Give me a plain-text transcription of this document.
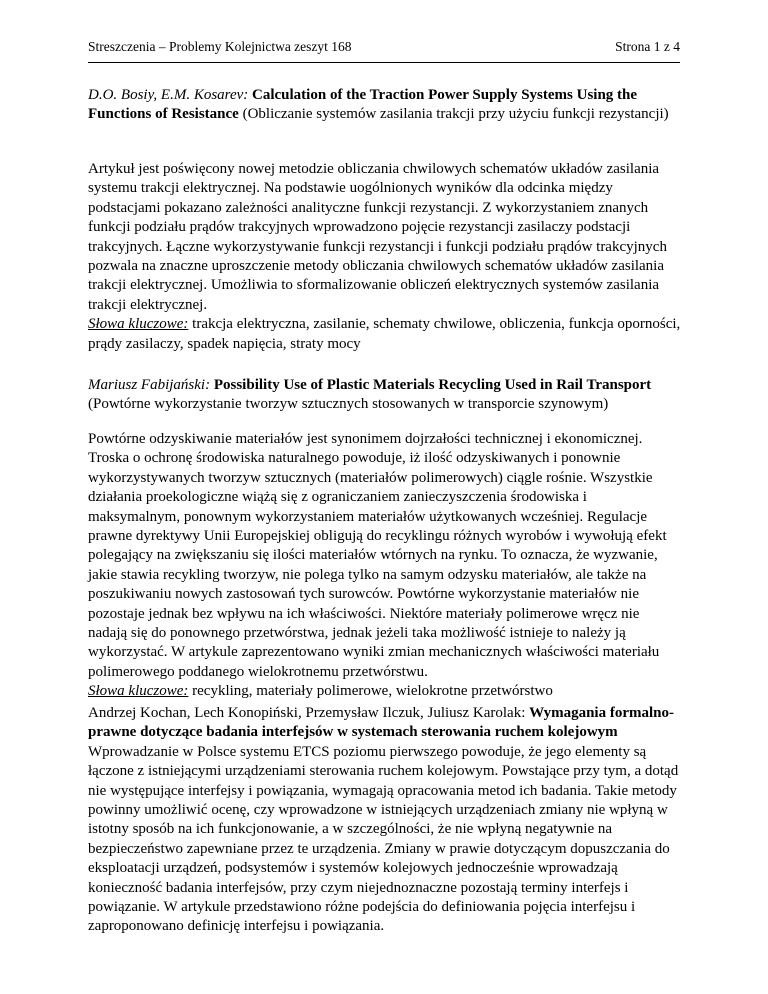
Streszczenia – Problemy Kolejnictwa zeszyt 168	Strona 1 z 4

D.O. Bosiy, E.M. Kosarev: Calculation of the Traction Power Supply Systems Using the Functions of Resistance (Obliczanie systemów zasilania trakcji przy użyciu funkcji rezystancji)

Artykuł jest poświęcony nowej metodzie obliczania chwilowych schematów układów zasilania systemu trakcji elektrycznej. Na podstawie uogólnionych wyników dla odcinka między podstacjami pokazano zależności analityczne funkcji rezystancji. Z wykorzystaniem znanych funkcji podziału prądów trakcyjnych wprowadzono pojęcie rezystancji zasilaczy podstacji trakcyjnych. Łączne wykorzystywanie funkcji rezystancji i funkcji podziału prądów trakcyjnych pozwala na znaczne uproszczenie metody obliczania chwilowych schematów układów zasilania trakcji elektrycznej. Umożliwia to sformalizowanie obliczeń elektrycznych systemów zasilania trakcji elektrycznej.

Słowa kluczowe: trakcja elektryczna, zasilanie, schematy chwilowe, obliczenia, funkcja oporności, prądy zasilaczy, spadek napięcia, straty mocy

Mariusz Fabijański: Possibility Use of Plastic Materials Recycling Used in Rail Transport (Powtórne wykorzystanie tworzyw sztucznych stosowanych w transporcie szynowym)

Powtórne odzyskiwanie materiałów jest synonimem dojrzałości technicznej i ekonomicznej. Troska o ochronę środowiska naturalnego powoduje, iż ilość odzyskiwanych i ponownie wykorzystywanych tworzyw sztucznych (materiałów polimerowych) ciągle rośnie. Wszystkie działania proekologiczne wiążą się z ograniczaniem zanieczyszczenia środowiska i maksymalnym, ponownym wykorzystaniem materiałów użytkowanych wcześniej. Regulacje prawne dyrektywy Unii Europejskiej obligują do recyklingu różnych wyrobów i wywołują efekt polegający na zwiększaniu się ilości materiałów wtórnych na rynku. To oznacza, że wyzwanie, jakie stawia recykling tworzyw, nie polega tylko na samym odzysku materiałów, ale także na poszukiwaniu nowych zastosowań tych surowców. Powtórne wykorzystanie materiałów nie pozostaje jednak bez wpływu na ich właściwości. Niektóre materiały polimerowe wręcz nie nadają się do ponownego przetwórstwa, jednak jeżeli taka możliwość istnieje to należy ją wykorzystać. W artykule zaprezentowano wyniki zmian mechanicznych właściwości materiału polimerowego poddanego wielokrotnemu przetwórstwu.

Słowa kluczowe: recykling, materiały polimerowe, wielokrotne przetwórstwo

Andrzej Kochan, Lech Konopiński, Przemysław Ilczuk, Juliusz Karolak: Wymagania formalno-prawne dotyczące badania interfejsów w systemach sterowania ruchem kolejowym

Wprowadzanie w Polsce systemu ETCS poziomu pierwszego powoduje, że jego elementy są łączone z istniejącymi urządzeniami sterowania ruchem kolejowym. Powstające przy tym, a dotąd nie występujące interfejsy i powiązania, wymagają opracowania metod ich badania. Takie metody powinny umożliwić ocenę, czy wprowadzone w istniejących urządzeniach zmiany nie wpłyną w istotny sposób na ich funkcjonowanie, a w szczególności, że nie wpłyną negatywnie na bezpieczeństwo zapewniane przez te urządzenia. Zmiany w prawie dotyczącym dopuszczania do eksploatacji urządzeń, podsystemów i systemów kolejowych jednocześnie wprowadzają konieczność badania interfejsów, przy czym niejednoznaczne pozostają terminy interfejs i powiązanie. W artykule przedstawiono różne podejścia do definiowania pojęcia interfejsu i zaproponowano definicję interfejsu i powiązania.
